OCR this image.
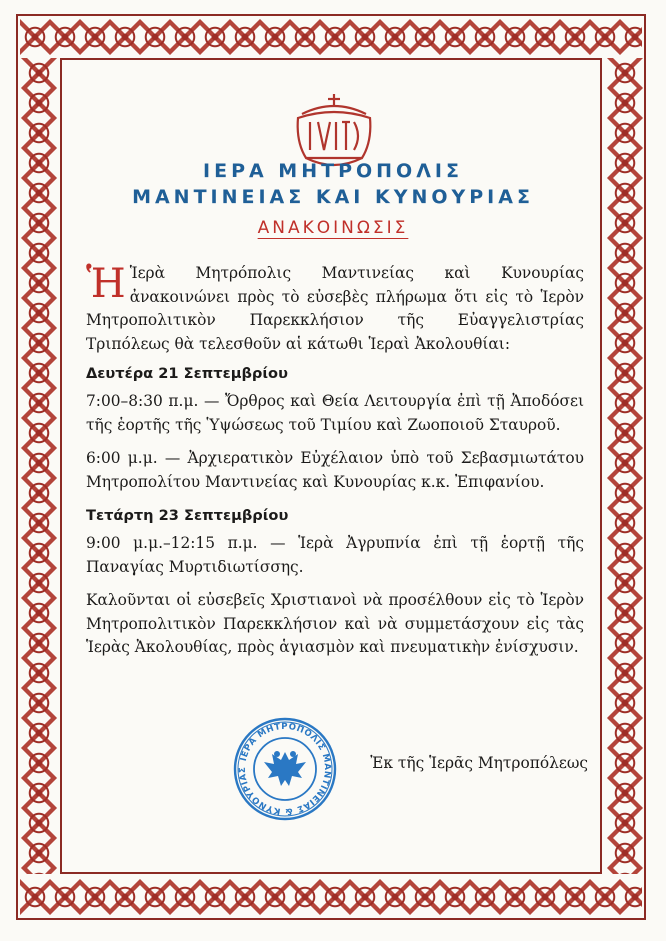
ΙΕΡΑ ΜΗΤΡΟΠΟΛΙΣ
ΜΑΝΤΙΝΕΙΑΣ ΚΑΙ ΚΥΝΟΥΡΙΑΣ
ΑΝΑΚΟΙΝΩΣΙΣ

Ἡ Ἱερὰ Μητρόπολις Μαντινείας καὶ Κυνουρίας ἀνακοινώνει πρὸς τὸ εὐσεβὲς πλήρωμα ὅτι εἰς τὸ Ἱερὸν Μητροπολιτικὸν Παρεκκλήσιον τῆς Εὐαγγελιστρίας Τριπόλεως θὰ τελεσθοῦν αἱ κάτωθι Ἱεραὶ Ἀκολουθίαι:

Δευτέρα 21 Σεπτεμβρίου

7:00–8:30 π.μ. — Ὄρθρος καὶ Θεία Λειτουργία ἐπὶ τῇ Ἀποδόσει τῆς ἑορτῆς τῆς Ὑψώσεως τοῦ Τιμίου καὶ Ζωοποιοῦ Σταυροῦ.

6:00 μ.μ. — Ἀρχιερατικὸν Εὐχέλαιον ὑπὸ τοῦ Σεβασμιωτάτου Μητροπολίτου Μαντινείας καὶ Κυνουρίας κ.κ. Ἐπιφανίου.

Τετάρτη 23 Σεπτεμβρίου

9:00 μ.μ.–12:15 π.μ. — Ἱερὰ Ἀγρυπνία ἐπὶ τῇ ἑορτῇ τῆς Παναγίας Μυρτιδιωτίσσης.

Καλοῦνται οἱ εὐσεβεῖς Χριστιανοὶ νὰ προσέλθουν εἰς τὸ Ἱερὸν Μητροπολιτικὸν Παρεκκλήσιον καὶ νὰ συμμετάσχουν εἰς τὰς Ἱερὰς Ἀκολουθίας, πρὸς ἁγιασμὸν καὶ πνευματικὴν ἐνίσχυσιν.

ΙΕΡΑ ΜΗΤΡΟΠΟΛΙΣ ΜΑΝΤΙΝΕΙΑΣ & ΚΥΝΟΥΡΙΑΣ	Ἐκ τῆς Ἱερᾶς Μητροπόλεως
